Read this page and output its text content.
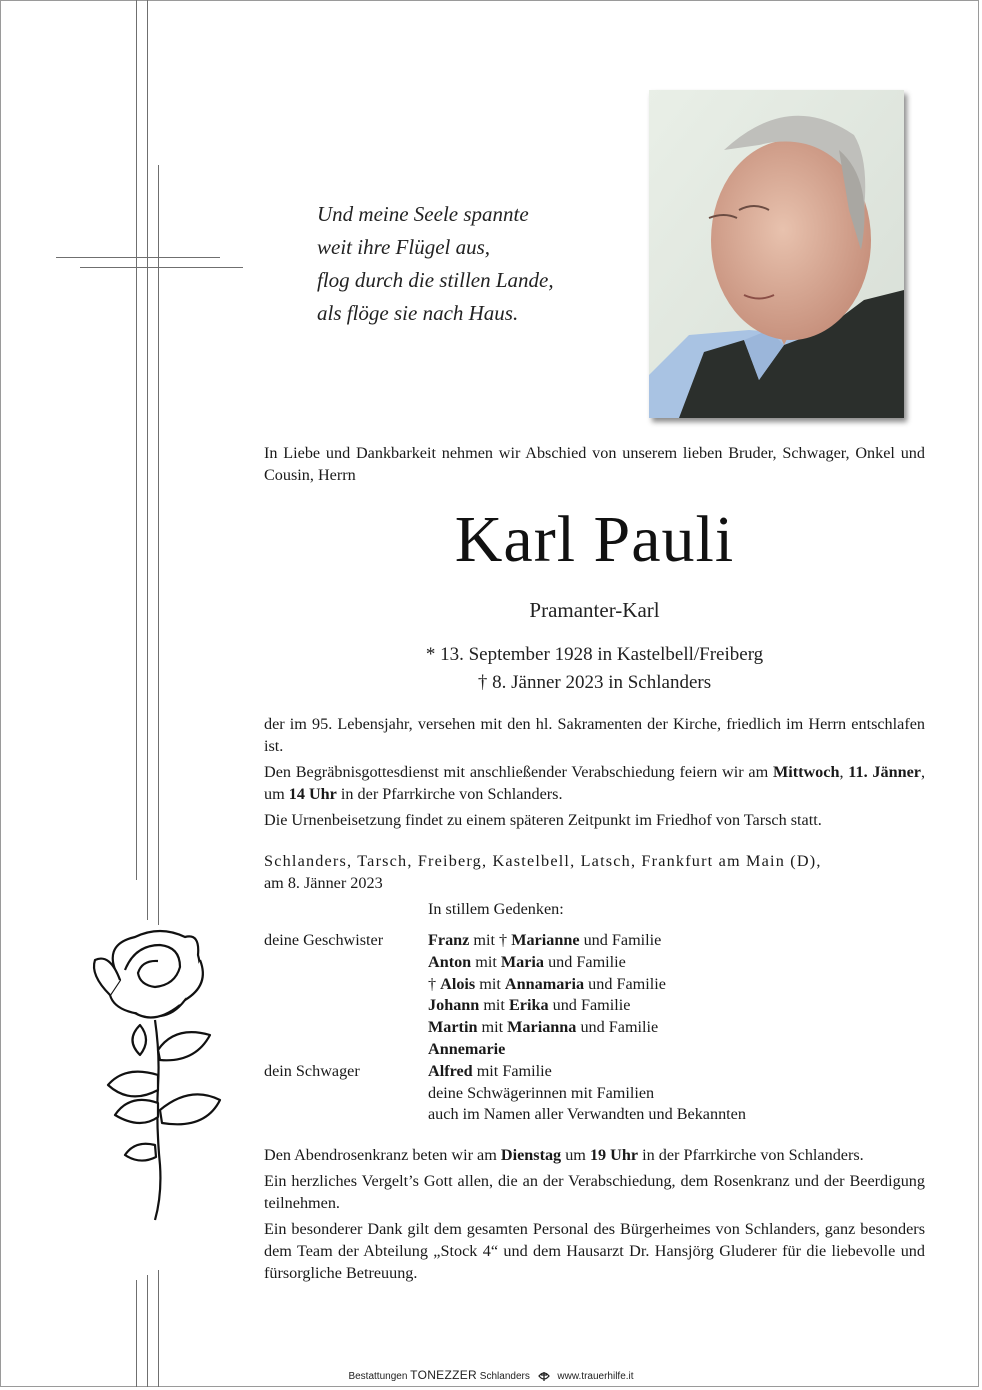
Und meine Seele spannte
weit ihre Flügel aus,
flog durch die stillen Lande,
als flöge sie nach Haus.
In Liebe und Dankbarkeit nehmen wir Abschied von unserem lieben Bruder, Schwager, Onkel und Cousin, Herrn
Karl Pauli
Pramanter-Karl
* 13. September 1928 in Kastelbell/Freiberg
† 8. Jänner 2023 in Schlanders

der im 95. Lebensjahr, versehen mit den hl. Sakramenten der Kirche, friedlich im Herrn entschlafen ist.

Den Begräbnisgottesdienst mit anschließender Verabschiedung feiern wir am Mittwoch, 11. Jänner, um 14 Uhr in der Pfarrkirche von Schlanders.

Die Urnenbeisetzung findet zu einem späteren Zeitpunkt im Friedhof von Tarsch statt.

Schlanders, Tarsch, Freiberg, Kastelbell, Latsch, Frankfurt am Main (D),
am 8. Jänner 2023
In stillem Gedenken:
deine Geschwister
dein Schwager
Franz mit † Marianne und Familie
Anton mit Maria und Familie
† Alois mit Annamaria und Familie
Johann mit Erika und Familie
Martin mit Marianna und Familie
Annemarie
Alfred mit Familie
deine Schwägerinnen mit Familien
auch im Namen aller Verwandten und Bekannten

Den Abendrosenkranz beten wir am Dienstag um 19 Uhr in der Pfarrkirche von Schlanders.

Ein herzliches Vergelt’s Gott allen, die an der Verabschiedung, dem Rosenkranz und der Beerdigung teilnehmen.

Ein besonderer Dank gilt dem gesamten Personal des Bürgerheimes von Schlanders, ganz besonders dem Team der Abteilung „Stock 4“ und dem Hausarzt Dr. Hansjörg Gluderer für die liebevolle und fürsorgliche Betreuung.

Bestattungen TONEZZER Schlanders	www.trauerhilfe.it
